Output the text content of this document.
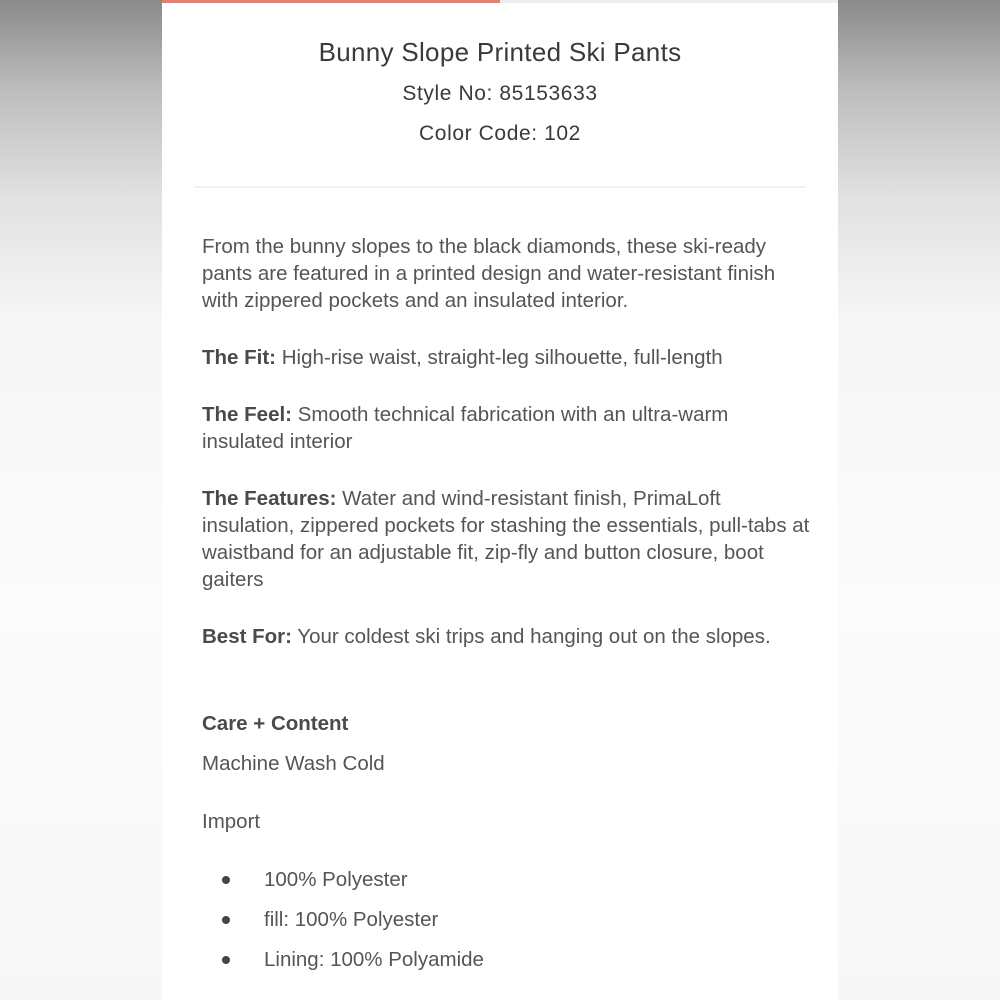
Bunny Slope Printed Ski Pants

Style No: 85153633

Color Code: 102

From the bunny slopes to the black diamonds, these ski-ready pants are featured in a printed design and water-resistant finish with zippered pockets and an insulated interior.

The Fit: High-rise waist, straight-leg silhouette, full-length

The Feel: Smooth technical fabrication with an ultra-warm insulated interior

The Features: Water and wind-resistant finish, PrimaLoft insulation, zippered pockets for stashing the essentials, pull-tabs at waistband for an adjustable fit, zip-fly and button closure, boot gaiters

Best For: Your coldest ski trips and hanging out on the slopes.

Care + Content

Machine Wash Cold

Import

100% Polyester
fill: 100% Polyester
Lining: 100% Polyamide
